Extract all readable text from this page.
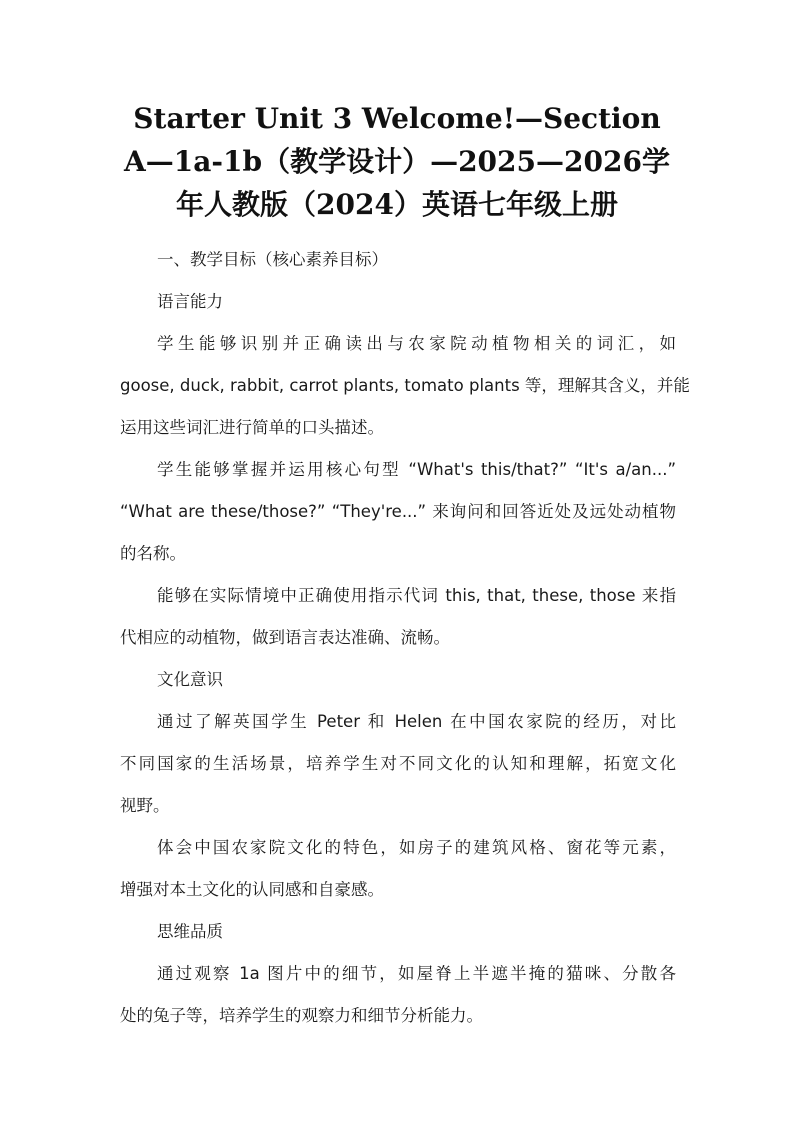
Starter Unit 3 Welcome!—Section
A—1a-1b（教学设计）—2025—2026学
年人教版（2024）英语七年级上册
一、教学目标（核心素养目标）
语言能力
学生能够识别并正确读出与农家院动植物相关的词汇，如
goose, duck, rabbit, carrot plants, tomato plants 等，理解其含义，并能
运用这些词汇进行简单的口头描述。
学生能够掌握并运用核心句型 “What's this/that?” “It's a/an...”
“What are these/those?” “They're...” 来询问和回答近处及远处动植物
的名称。
能够在实际情境中正确使用指示代词 this, that, these, those 来指
代相应的动植物，做到语言表达准确、流畅。
文化意识
通过了解英国学生 Peter 和 Helen 在中国农家院的经历，对比
不同国家的生活场景，培养学生对不同文化的认知和理解，拓宽文化
视野。
体会中国农家院文化的特色，如房子的建筑风格、窗花等元素，
增强对本土文化的认同感和自豪感。
思维品质
通过观察 1a 图片中的细节，如屋脊上半遮半掩的猫咪、分散各
处的兔子等，培养学生的观察力和细节分析能力。
